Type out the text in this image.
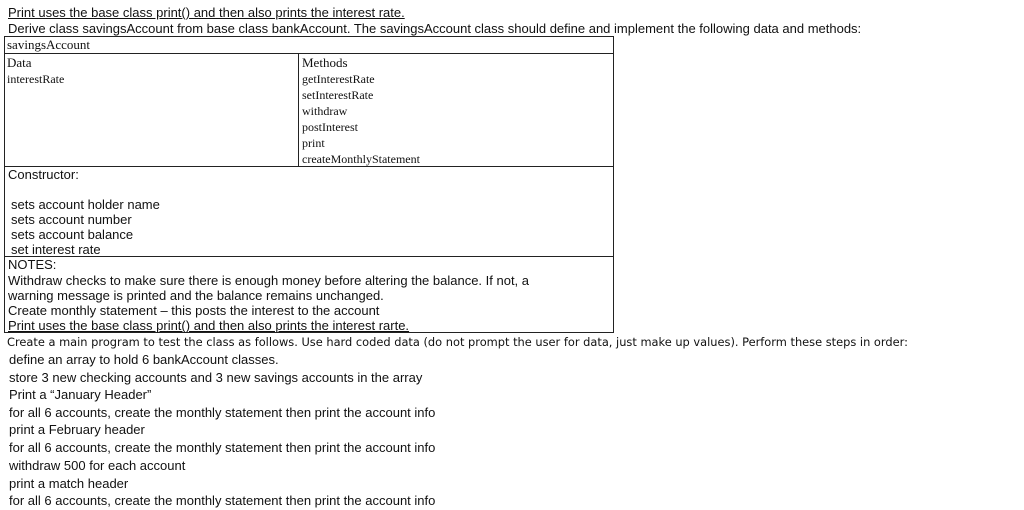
Print uses the base class print() and then also prints the interest rate.
Derive class savingsAccount from base class bankAccount. The savingsAccount class should define and implement the following data and methods:
savingsAccount
Data
interestRate
Methods
getInterestRate
setInterestRate
withdraw
postInterest
print
createMonthlyStatement
Constructor:
sets account holder name
sets account number
sets account balance
set interest rate
NOTES:
Withdraw checks to make sure there is enough money before altering the balance. If not, a
warning message is printed and the balance remains unchanged.
Create monthly statement – this posts the interest to the account
Print uses the base class print() and then also prints the interest rarte.
Create a main program to test the class as follows. Use hard coded data (do not prompt the user for data, just make up values). Perform these steps in order:
define an array to hold 6 bankAccount classes.
store 3 new checking accounts and 3 new savings accounts in the array
Print a “January Header”
for all 6 accounts, create the monthly statement then print the account info
print a February header
for all 6 accounts, create the monthly statement then print the account info
withdraw 500 for each account
print a match header
for all 6 accounts, create the monthly statement then print the account info
